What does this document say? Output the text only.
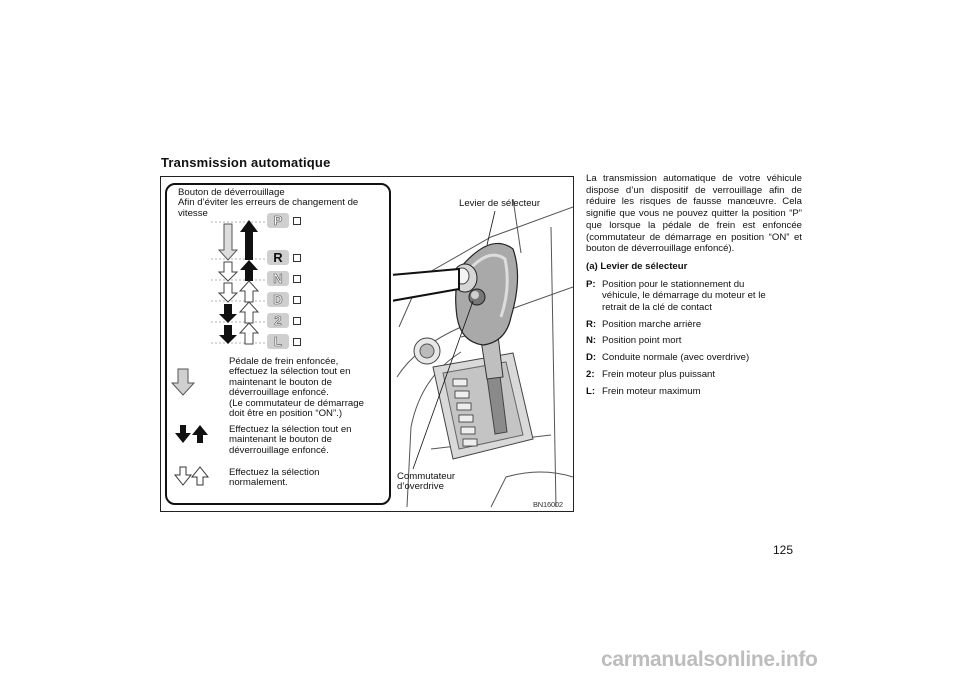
Transmission automatique
Bouton de déverrouillage
Afin d’éviter les erreurs de changement de
vitesse	P
R
N
D
2
L
Pédale de frein enfoncée,
effectuez la sélection tout en
maintenant le bouton de
déverrouillage enfoncé.
(Le commutateur de démarrage
doit être en position “ON”.)
Effectuez la sélection tout en
maintenant le bouton de
déverrouillage enfoncé.
Effectuez la sélection
normalement.
Levier de sélecteur
Commutateur
d’overdrive
BN16002

La transmission automatique de votre véhicule dispose d’un dispositif de verrouillage afin de réduire les risques de fausse manœuvre. Cela signifie que vous ne pouvez quitter la position “P” que lorsque la pédale de frein est enfoncée (commutateur de démarrage en position “ON” et bouton de déverrouillage enfoncé).

(a) Levier de sélecteur
P: Position pour le stationnement du
véhicule, le démarrage du moteur et le
retrait de la clé de contact
R: Position marche arrière
N: Position point mort
D: Conduite normale (avec overdrive)
2: Frein moteur plus puissant
L: Frein moteur maximum
125
carmanualsonline.info
